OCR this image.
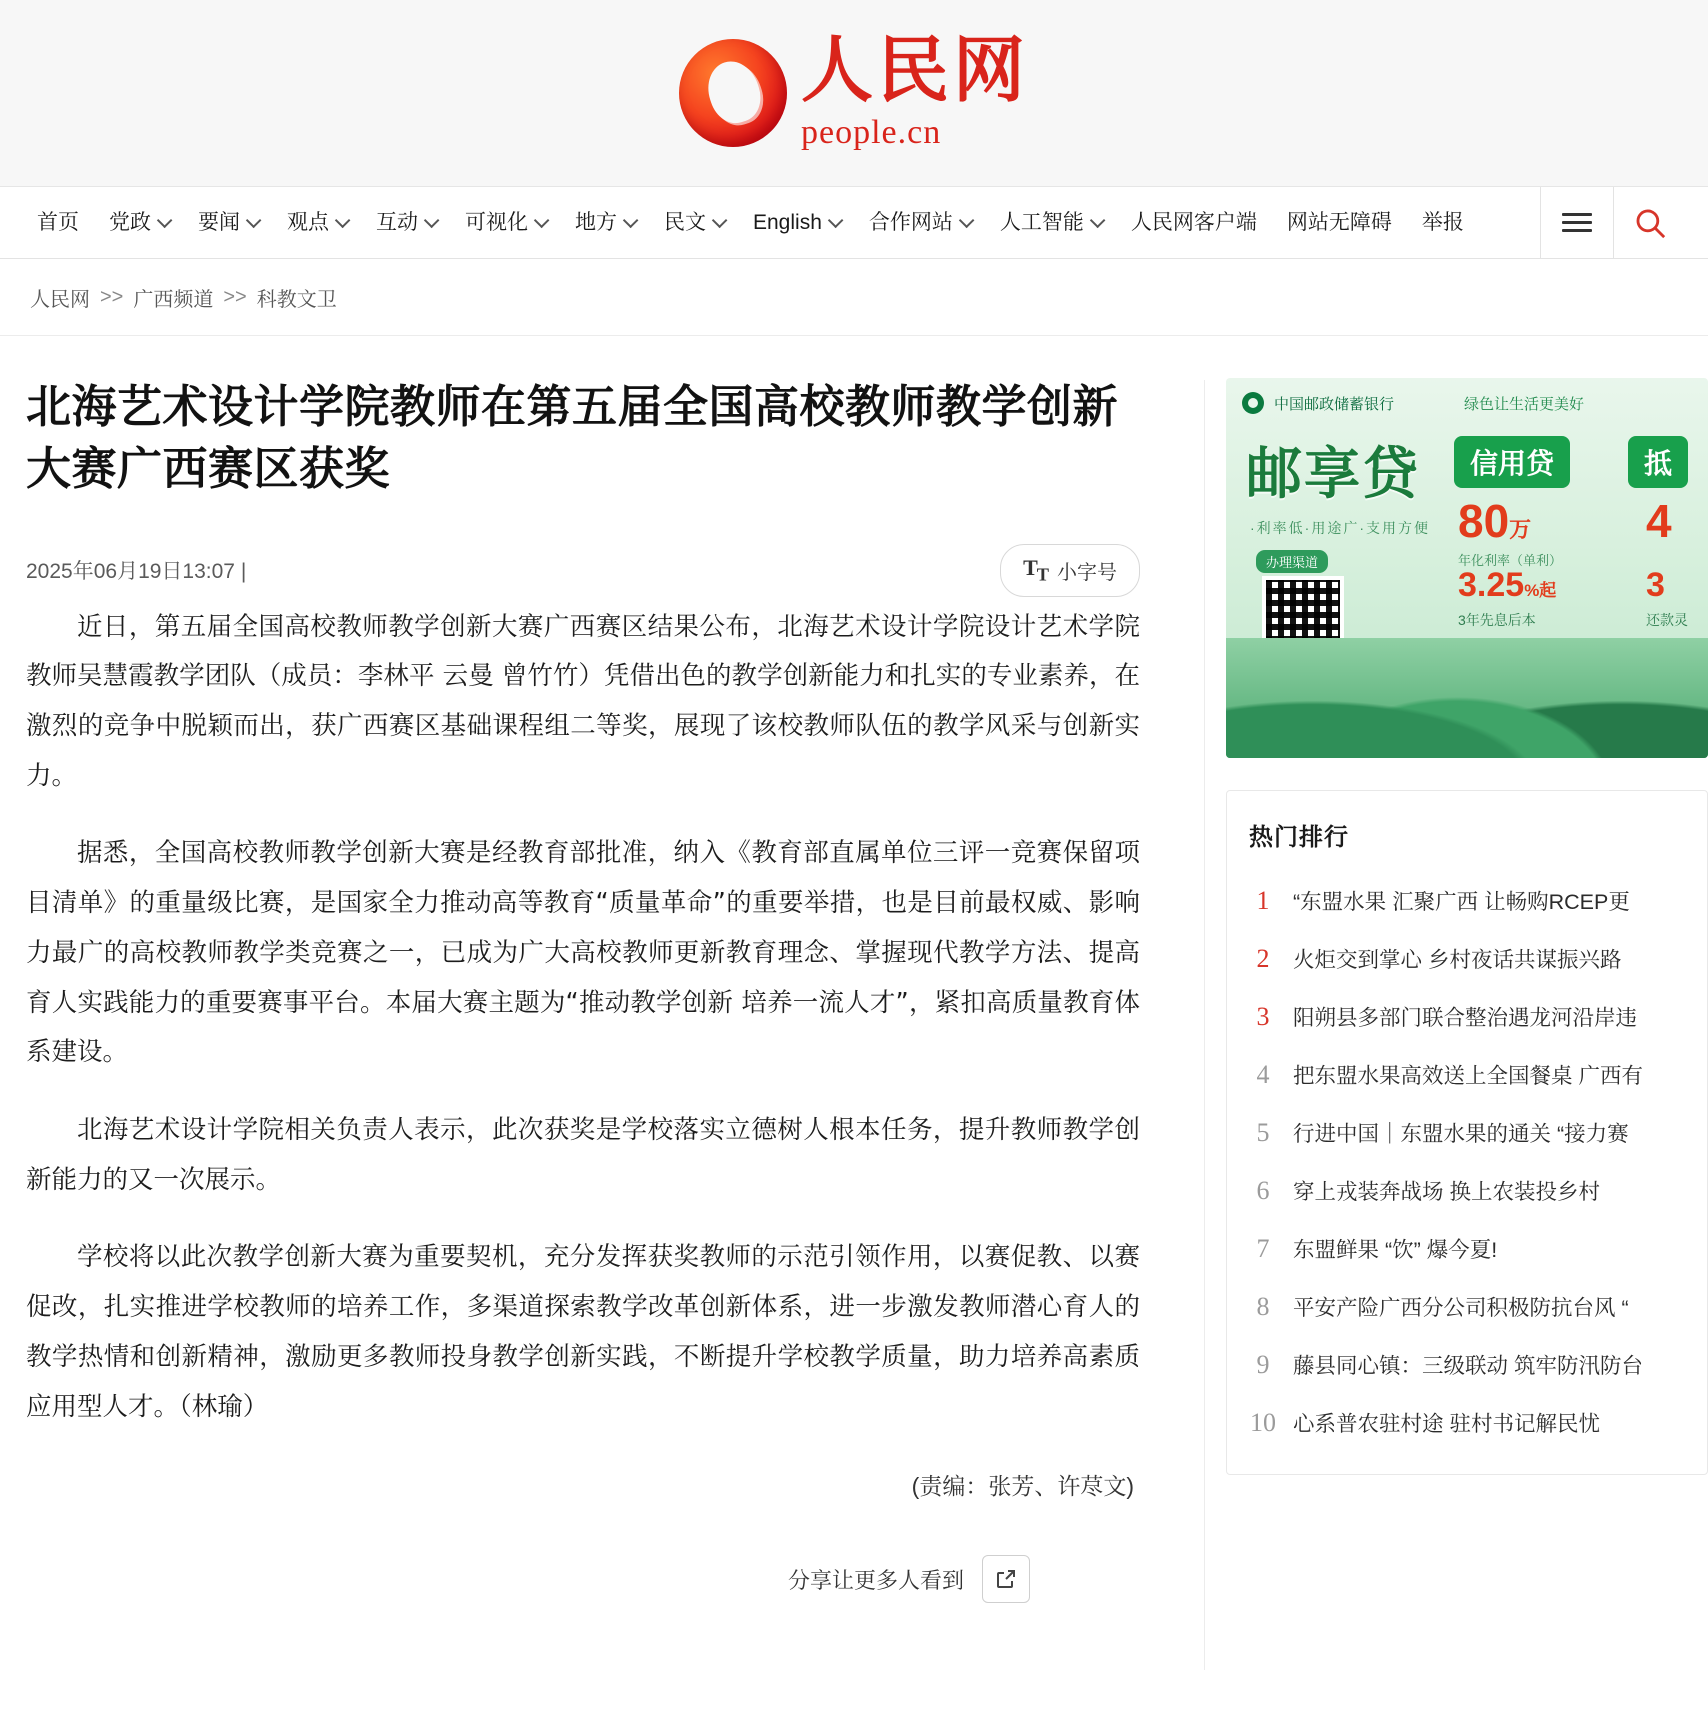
人民网
people.cn
首页 党政 要闻 观点 互动 可视化 地方 民文 English 合作网站 人工智能 人民网客户端 网站无障碍 举报
人民网 >> 广西频道 >> 科教文卫
北海艺术设计学院教师在第五届全国高校教师教学创新大赛广西赛区获奖
2025年06月19日13:07 |	$T_T$ 小字号

近日，第五届全国高校教师教学创新大赛广西赛区结果公布，北海艺术设计学院设计艺术学院教师吴慧霞教学团队（成员：李林平 云曼 曾竹竹）凭借出色的教学创新能力和扎实的专业素养，在激烈的竞争中脱颖而出，获广西赛区基础课程组二等奖，展现了该校教师队伍的教学风采与创新实力。

据悉，全国高校教师教学创新大赛是经教育部批准，纳入《教育部直属单位三评一竞赛保留项目清单》的重量级比赛，是国家全力推动高等教育“质量革命”的重要举措，也是目前最权威、影响力最广的高校教师教学类竞赛之一，已成为广大高校教师更新教育理念、掌握现代教学方法、提高育人实践能力的重要赛事平台。本届大赛主题为“推动教学创新 培养一流人才”，紧扣高质量教育体系建设。

北海艺术设计学院相关负责人表示，此次获奖是学校落实立德树人根本任务，提升教师教学创新能力的又一次展示。

学校将以此次教学创新大赛为重要契机，充分发挥获奖教师的示范引领作用，以赛促教、以赛促改，扎实推进学校教师的培养工作，多渠道探索教学改革创新体系，进一步激发教师潜心育人的教学热情和创新精神，激励更多教师投身教学创新实践，不断提升学校教学质量，助力培养高素质应用型人才。（林瑜）

(责编：张芳、许荩文)
分享让更多人看到
中国邮政储蓄银行	绿色让生活更美好
邮享贷
·利率低·用途广·支用方便
信用贷	抵
80万 4
年化利率（单利）
3.25%起	3
3年先息后本	还款灵
办理渠道
热门排行
1	“东盟水果 汇聚广西 让畅购RCEP更
2	火炬交到掌心 乡村夜话共谋振兴路
3	阳朔县多部门联合整治遇龙河沿岸违
4	把东盟水果高效送上全国餐桌 广西有
5	行进中国｜东盟水果的通关 “接力赛
6	穿上戎装奔战场 换上农装投乡村
7	东盟鲜果 “饮” 爆今夏!
8	平安产险广西分公司积极防抗台风 “
9	藤县同心镇：三级联动 筑牢防汛防台
10 心系普农驻村途 驻村书记解民忧
